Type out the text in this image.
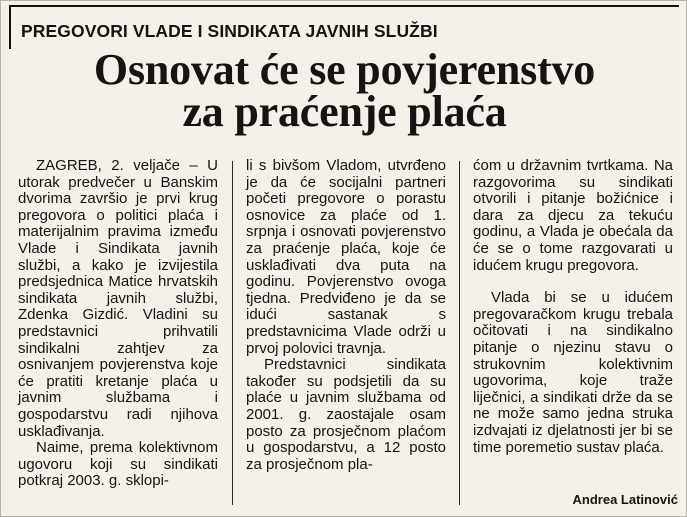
PREGOVORI VLADE I SINDIKATA JAVNIH SLUŽBI
Osnovat će se povjerenstvo
za praćenje plaća

ZAGREB, 2. veljače – U utorak predvečer u Banskim dvorima završio je prvi krug pregovora o politici plaća i materijalnim pravima između Vlade i Sindikata javnih službi, a kako je izvijestila predsjednica Matice hrvatskih sindikata javnih službi, Zdenka Gizdić. Vladini su predstavnici prihvatili sindikalni zahtjev za osnivanjem povjerenstva koje će pratiti kretanje plaća u javnim službama i gospodarstvu radi njihova usklađivanja.

Naime, prema kolektivnom ugovoru koji su sindikati potkraj 2003. g. sklopi-

li s bivšom Vladom, utvrđeno je da će socijalni partneri početi pregovore o porastu osnovice za plaće od 1. srpnja i osnovati povjerenstvo za praćenje plaća, koje će usklađivati dva puta na godinu. Povjerenstvo ovoga tjedna. Predviđeno je da se idući sastanak s predstavnicima Vlade održi u prvoj polovici travnja.

Predstavnici sindikata također su podsjetili da su plaće u javnim službama od 2001. g. zaostajale osam posto za prosječnom plaćom u gospodarstvu, a 12 posto za prosječnom pla-

ćom u državnim tvrtkama. Na razgovorima su sindikati otvorili i pitanje božićnice i dara za djecu za tekuću godinu, a Vlada je obećala da će se o tome razgovarati u idućem krugu pregovora.

Vlada bi se u idućem pregovaračkom krugu trebala očitovati i na sindikalno pitanje o njezinu stavu o strukovnim kolektivnim ugovorima, koje traže liječnici, a sindikati drže da se ne može samo jedna struka izdvajati iz djelatnosti jer bi se time poremetio sustav plaća.

Andrea Latinović
